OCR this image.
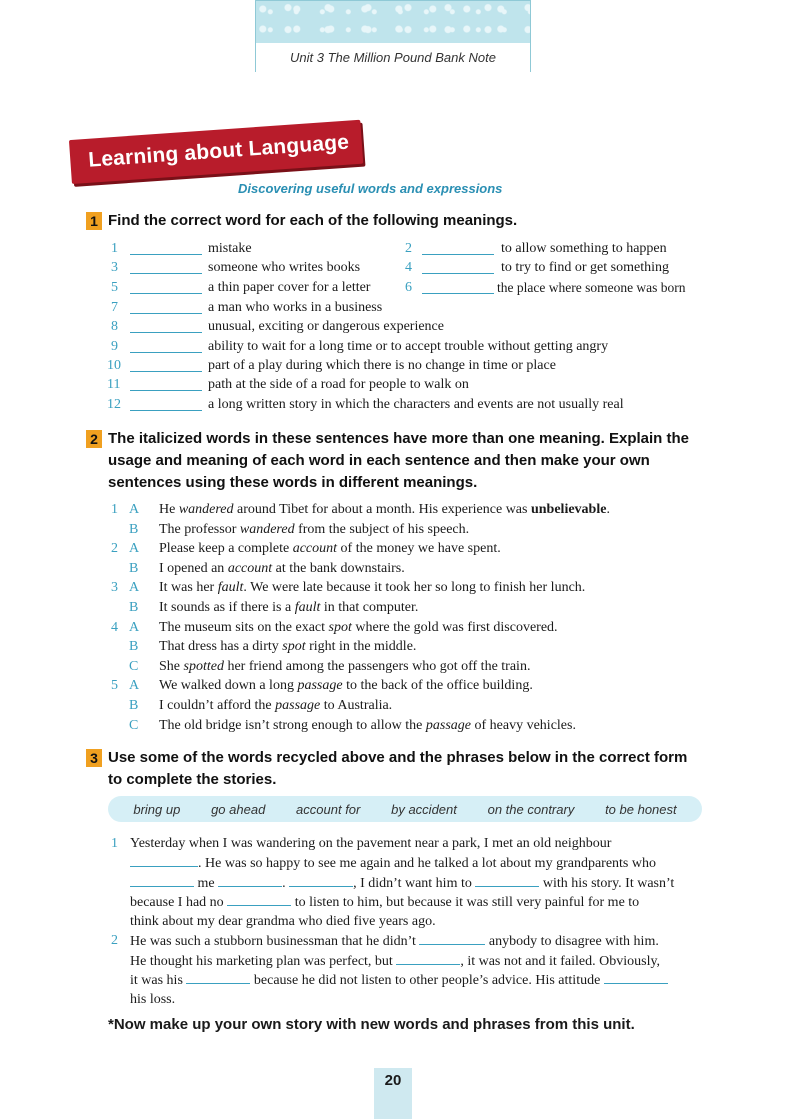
Unit 3 The Million Pound Bank Note
Learning about Language
Discovering useful words and expressions
1 Find the correct word for each of the following meanings.
1	mistake	2	to allow something to happen
3	someone who writes books	4	to try to find or get something
5	a thin paper cover for a letter 6	the place where someone was born
7	a man who works in a business
8	unusual, exciting or dangerous experience
9	ability to wait for a long time or to accept trouble without getting angry
10	part of a play during which there is no change in time or place
11	path at the side of a road for people to walk on
12	a long written story in which the characters and events are not usually real
2 The italicized words in these sentences have more than one meaning. Explain the
usage and meaning of each word in each sentence and then make your own
sentences using these words in different meanings.
1 A He wandered around Tibet for about a month. His experience was unbelievable.
B The professor wandered from the subject of his speech.
2 A Please keep a complete account of the money we have spent.
B I opened an account at the bank downstairs.
3 A It was her fault. We were late because it took her so long to finish her lunch.
B It sounds as if there is a fault in that computer.
4 A The museum sits on the exact spot where the gold was first discovered.
B That dress has a dirty spot right in the middle.
C She spotted her friend among the passengers who got off the train.
5 A We walked down a long passage to the back of the office building.
B I couldn’t afford the passage to Australia.
C The old bridge isn’t strong enough to allow the passage of heavy vehicles.
3 Use some of the words recycled above and the phrases below in the correct form
to complete the stories.
bring up go ahead account for by accident on the contrary to be honest
1 Yesterday when I was wandering on the pavement near a park, I met an old neighbour
. He was so happy to see me again and he talked a lot about my grandparents who
me	.	, I didn’t want him to	with his story. It wasn’t
because I had no	to listen to him, but because it was still very painful for me to
think about my dear grandma who died five years ago.
2 He was such a stubborn businessman that he didn’t	anybody to disagree with him.
He thought his marketing plan was perfect, but	, it was not and it failed. Obviously,
it was his	because he did not listen to other people’s advice. His attitude
his loss.
*Now make up your own story with new words and phrases from this unit.
20
